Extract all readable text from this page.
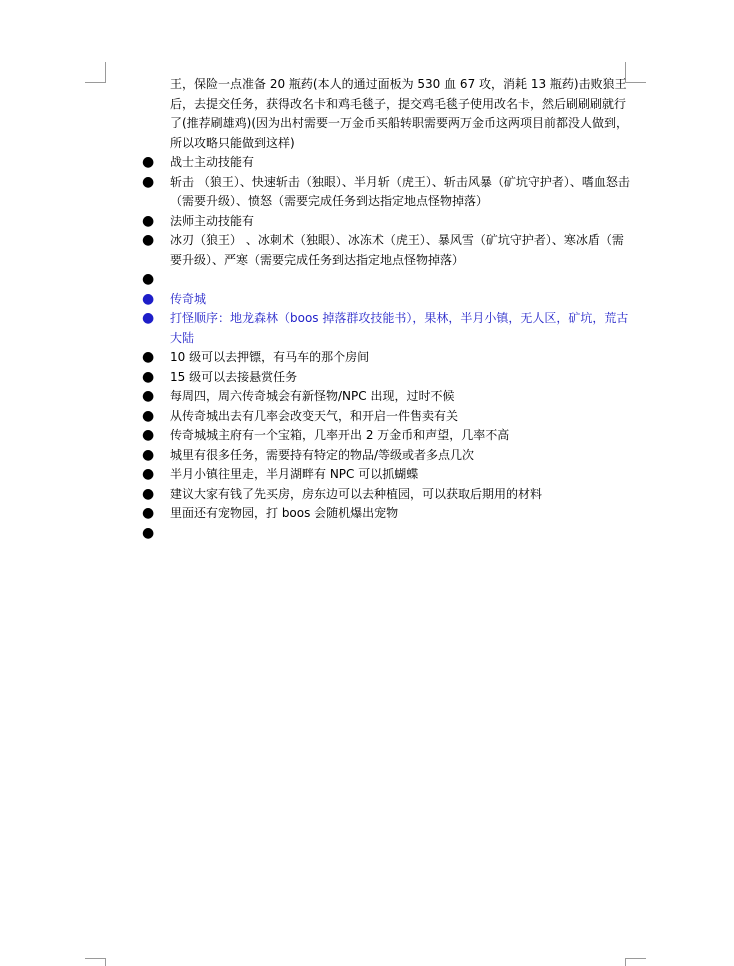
王，保险一点准备 20 瓶药(本人的通过面板为 530 血 67 攻，消耗 13 瓶药)击败狼王后，去提交任务，获得改名卡和鸡毛毯子，提交鸡毛毯子使用改名卡，然后刷刷刷就行了(推荐刷雄鸡)(因为出村需要一万金币买船转职需要两万金币这两项目前都没人做到，所以攻略只能做到这样)

● 战士主动技能有

● 斩击 （狼王）、快速斩击（独眼）、半月斩（虎王）、斩击风暴（矿坑守护者）、嗜血怒击（需要升级）、愤怒（需要完成任务到达指定地点怪物掉落）

● 法师主动技能有

● 冰刃（狼王） 、冰刺术（独眼）、冰冻术（虎王）、暴风雪（矿坑守护者）、寒冰盾（需要升级）、严寒（需要完成任务到达指定地点怪物掉落）

●

● 传奇城

● 打怪顺序：地龙森林（boos 掉落群攻技能书），果林，半月小镇，无人区，矿坑，荒古大陆

● 10 级可以去押镖，有马车的那个房间

● 15 级可以去接悬赏任务

● 每周四，周六传奇城会有新怪物/NPC 出现，过时不候

● 从传奇城出去有几率会改变天气，和开启一件售卖有关

● 传奇城城主府有一个宝箱，几率开出 2 万金币和声望，几率不高

● 城里有很多任务，需要持有特定的物品/等级或者多点几次

● 半月小镇往里走，半月湖畔有 NPC 可以抓蝴蝶

● 建议大家有钱了先买房，房东边可以去种植园，可以获取后期用的材料

● 里面还有宠物园，打 boos 会随机爆出宠物

●
